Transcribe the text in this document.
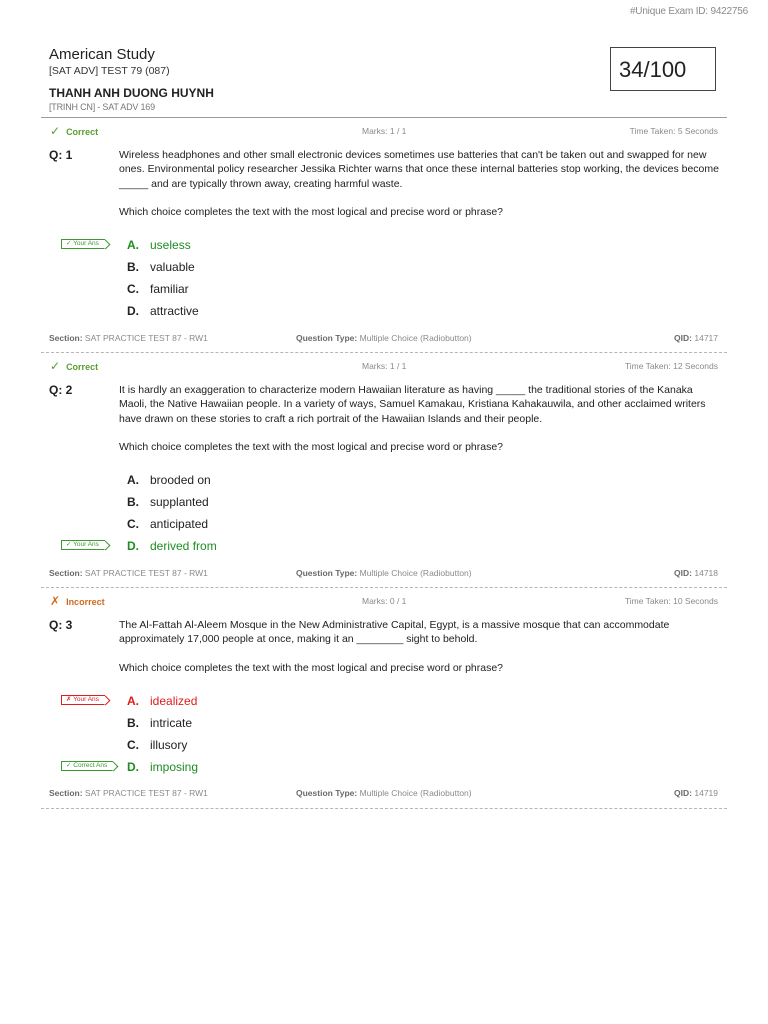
#Unique Exam ID: 9422756
American Study
[SAT ADV] TEST 79 (087)
THANH ANH DUONG HUYNH
[TRINH CN] - SAT ADV 169
34/100
✓ Correct	Marks: 1 / 1	Time Taken: 5 Seconds
Q: 1	Wireless headphones and other small electronic devices sometimes use batteries that can't be taken out and swapped for new ones. Environmental policy researcher Jessika Richter warns that once these internal batteries stop working, the devices become _____ and are typically thrown away, creating harmful waste.
Which choice completes the text with the most logical and precise word or phrase?
✓ Your Ans	A. useless
B. valuable
C. familiar
D. attractive
Section: SAT PRACTICE TEST 87 - RW1	Question Type: Multiple Choice (Radiobutton)	QID: 14717
✓ Correct	Marks: 1 / 1	Time Taken: 12 Seconds
Q: 2	It is hardly an exaggeration to characterize modern Hawaiian literature as having _____ the traditional stories of the Kanaka Maoli, the Native Hawaiian people. In a variety of ways, Samuel Kamakau, Kristiana Kahakauwila, and other acclaimed writers have drawn on these stories to craft a rich portrait of the Hawaiian Islands and their people.
Which choice completes the text with the most logical and precise word or phrase?
A. brooded on
B. supplanted
C. anticipated
✓ Your Ans	D. derived from
Section: SAT PRACTICE TEST 87 - RW1	Question Type: Multiple Choice (Radiobutton)	QID: 14718
✗ Incorrect	Marks: 0 / 1	Time Taken: 10 Seconds
Q: 3	The Al-Fattah Al-Aleem Mosque in the New Administrative Capital, Egypt, is a massive mosque that can accommodate approximately 17,000 people at once, making it an ________ sight to behold.
Which choice completes the text with the most logical and precise word or phrase?
✗ Your Ans	A. idealized
B. intricate
C. illusory
✓ Correct Ans	D. imposing
Section: SAT PRACTICE TEST 87 - RW1	Question Type: Multiple Choice (Radiobutton)	QID: 14719
